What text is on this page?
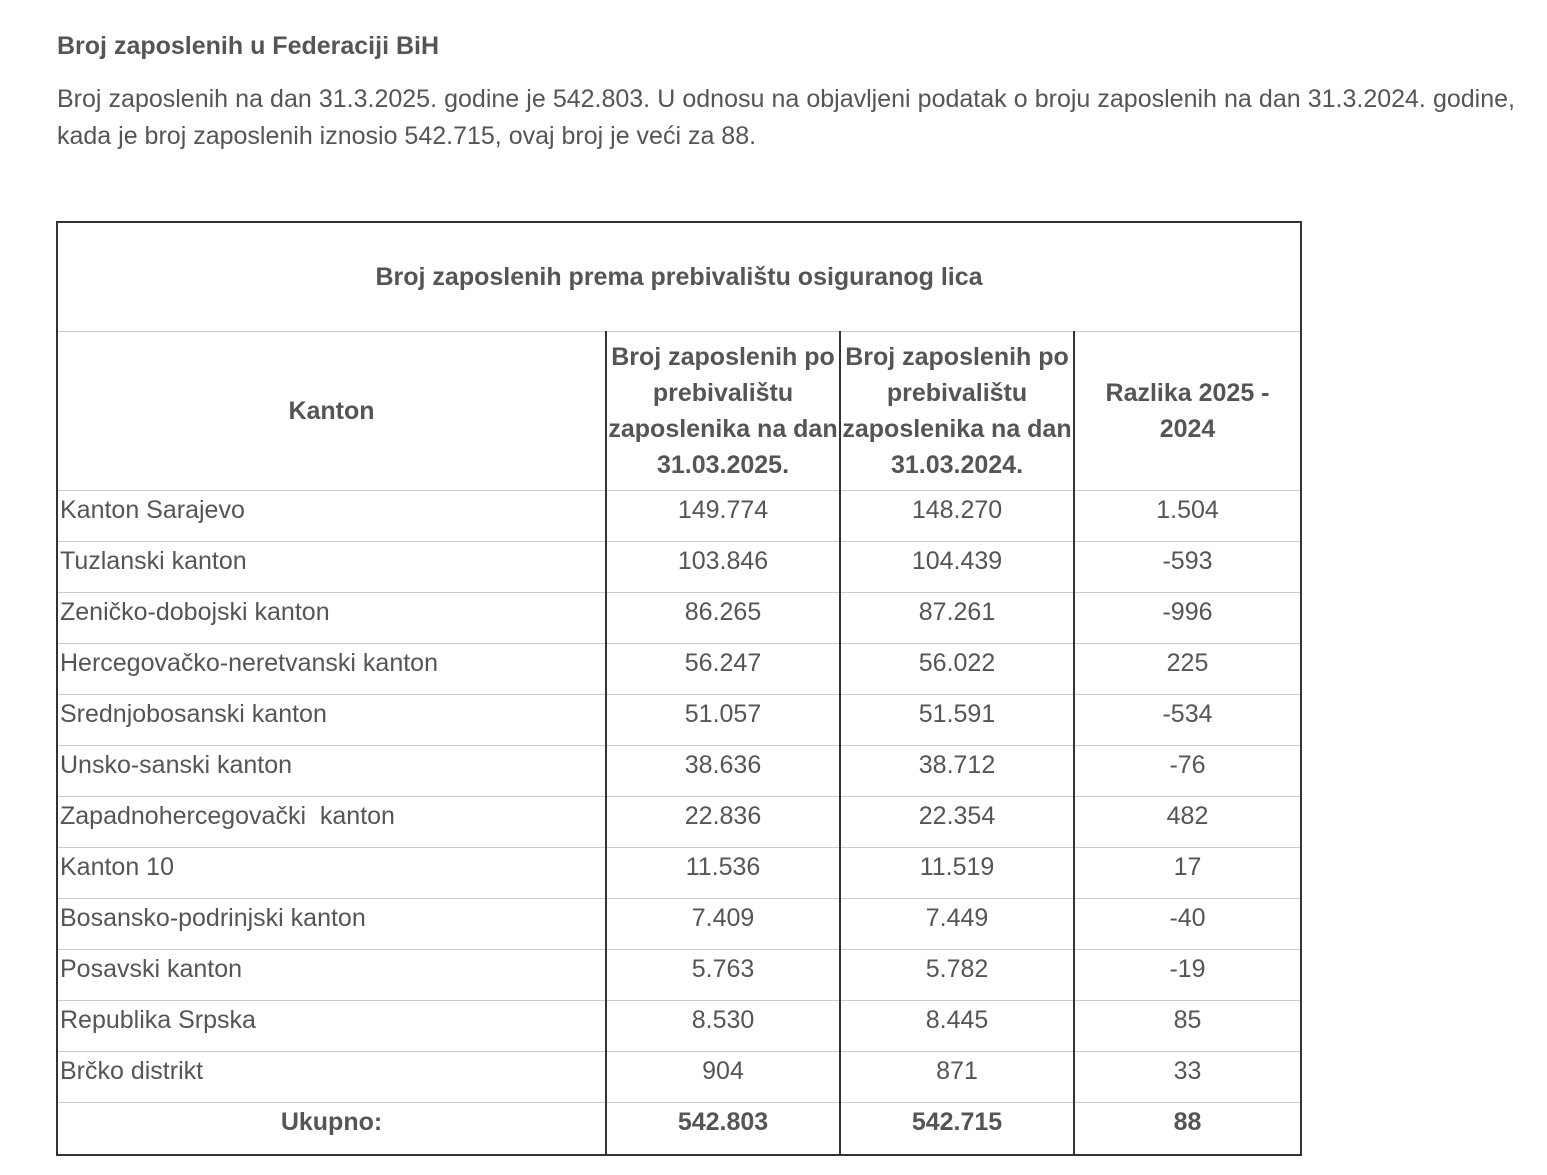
Broj zaposlenih u Federaciji BiH

Broj zaposlenih na dan 31.3.2025. godine je 542.803. U odnosu na objavljeni podatak o broju zaposlenih na dan 31.3.2024. godine, kada je broj zaposlenih iznosio 542.715, ovaj broj je veći za 88.

Broj zaposlenih prema prebivalištu osiguranog lica			
Kanton	Broj zaposlenih po prebivalištu zaposlenika na dan 31.03.2025.	Broj zaposlenih po prebivalištu zaposlenika na dan 31.03.2024.	Razlika 2025 - 2024
Kanton Sarajevo	149.774	148.270	1.504
Tuzlanski kanton	103.846	104.439	-593
Zeničko-dobojski kanton	86.265	87.261	-996
Hercegovačko-neretvanski kanton	56.247	56.022	225
Srednjobosanski kanton	51.057	51.591	-534
Unsko-sanski kanton	38.636	38.712	-76
Zapadnohercegovački  kanton	22.836	22.354	482
Kanton 10	11.536	11.519	17
Bosansko-podrinjski kanton	7.409	7.449	-40
Posavski kanton	5.763	5.782	-19
Republika Srpska	8.530	8.445	85
Brčko distrikt	904	871	33
Ukupno:	542.803	542.715	88
